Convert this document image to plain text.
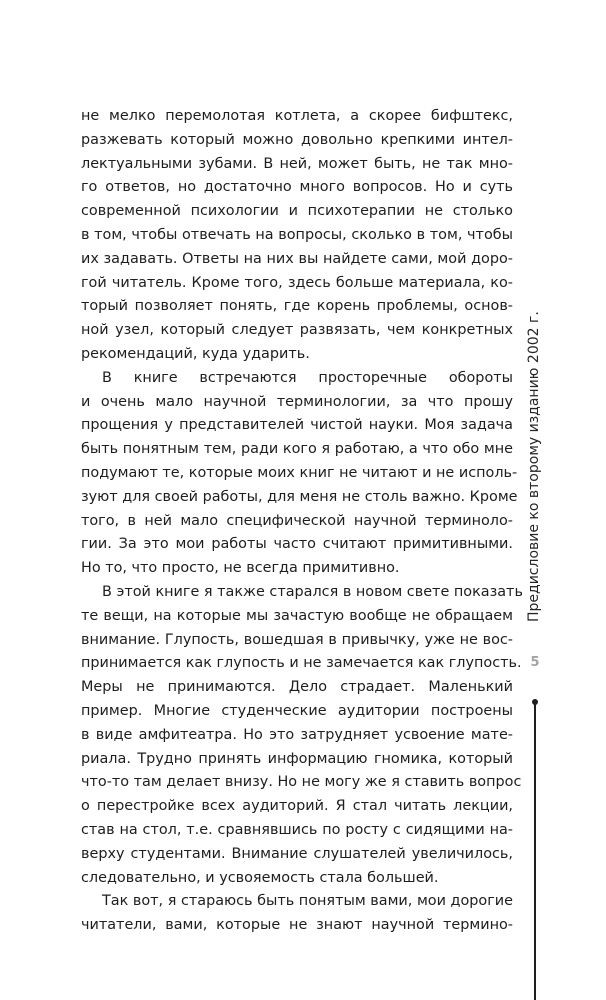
не мелко перемолотая котлета, а скорее бифштекс,
разжевать который можно довольно крепкими интел-
лектуальными зубами. В ней, может быть, не так мно-
го ответов, но достаточно много вопросов. Но и суть
современной психологии и психотерапии не столько
в том, чтобы отвечать на вопросы, сколько в том, чтобы
их задавать. Ответы на них вы найдете сами, мой доро-
гой читатель. Кроме того, здесь больше материала, ко-
торый позволяет понять, где корень проблемы, основ-
ной узел, который следует развязать, чем конкретных
рекомендаций, куда ударить.
В книге встречаются просторечные обороты
и очень мало научной терминологии, за что прошу
прощения у представителей чистой науки. Моя задача
быть понятным тем, ради кого я работаю, а что обо мне
подумают те, которые моих книг не читают и не исполь-
зуют для своей работы, для меня не столь важно. Кроме
того, в ней мало специфической научной терминоло-
гии. За это мои работы часто считают примитивными.
Но то, что просто, не всегда примитивно.
В этой книге я также старался в новом свете показать
те вещи, на которые мы зачастую вообще не обращаем
внимание. Глупость, вошедшая в привычку, уже не вос-
принимается как глупость и не замечается как глупость.
Меры не принимаются. Дело страдает. Маленький
пример. Многие студенческие аудитории построены
в виде амфитеатра. Но это затрудняет усвоение мате-
риала. Трудно принять информацию гномика, который
что-то там делает внизу. Но не могу же я ставить вопрос
о перестройке всех аудиторий. Я стал читать лекции,
став на стол, т.е. сравнявшись по росту с сидящими на-
верху студентами. Внимание слушателей увеличилось,
следовательно, и усвояемость стала большей.
Так вот, я стараюсь быть понятым вами, мои дорогие
читатели, вами, которые не знают научной термино-
Предисловие ко второму изданию 2002 г.
5
